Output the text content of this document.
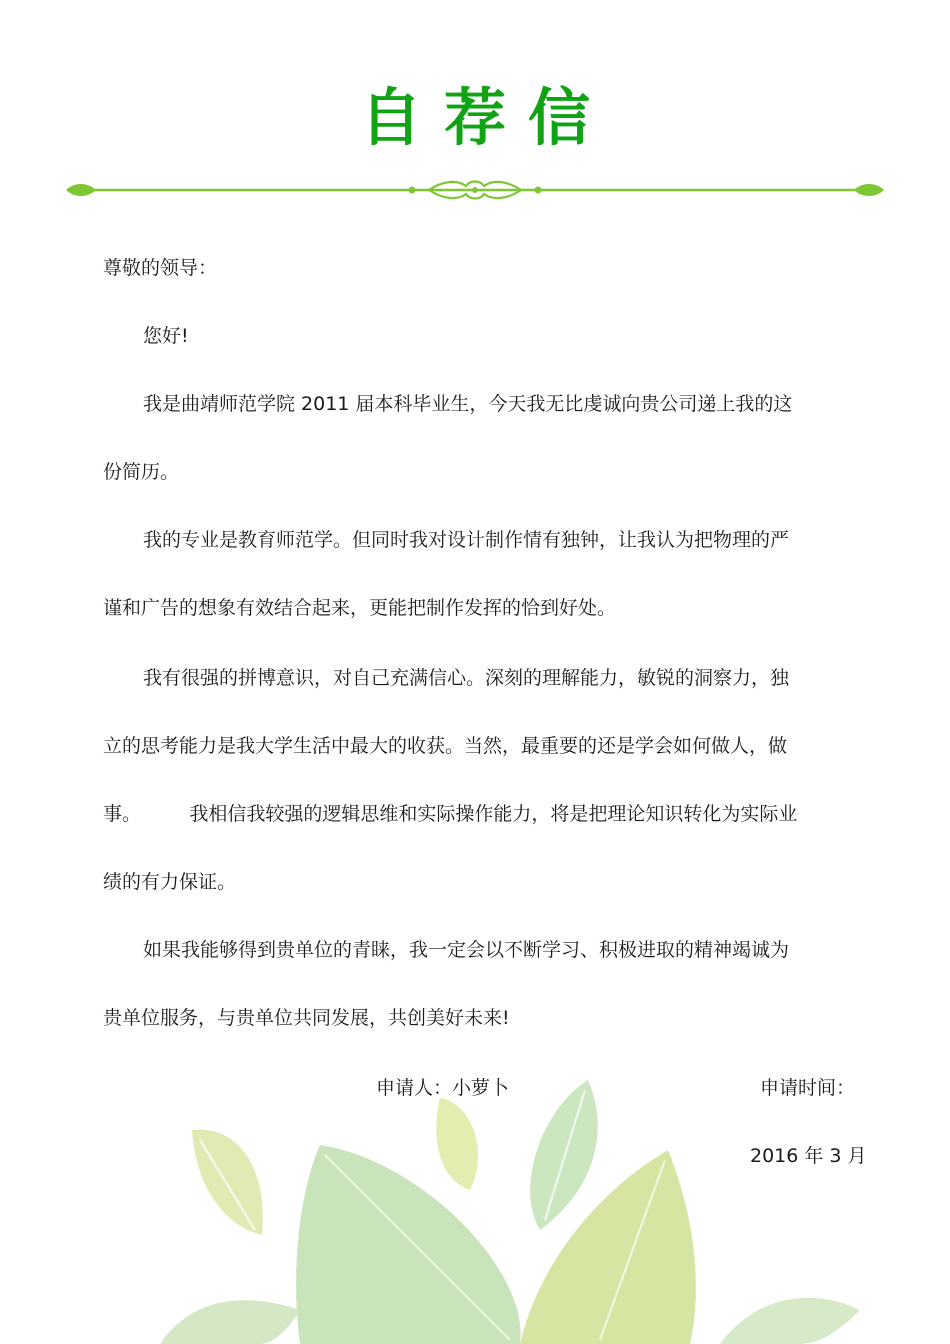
自荐信
尊敬的领导：
您好!
我是曲靖师范学院 2011 届本科毕业生，今天我无比虔诚向贵公司递上我的这
份简历。
我的专业是教育师范学。但同时我对设计制作情有独钟，让我认为把物理的严
谨和广告的想象有效结合起来，更能把制作发挥的恰到好处。
我有很强的拼博意识，对自己充满信心。深刻的理解能力，敏锐的洞察力，独
立的思考能力是我大学生活中最大的收获。当然，最重要的还是学会如何做人，做
事。        我相信我较强的逻辑思维和实际操作能力，将是把理论知识转化为实际业
绩的有力保证。
如果我能够得到贵单位的青睐，我一定会以不断学习、积极进取的精神竭诚为
贵单位服务，与贵单位共同发展，共创美好未来!
申请人：小萝卜	申请时间：
2016 年 3 月
